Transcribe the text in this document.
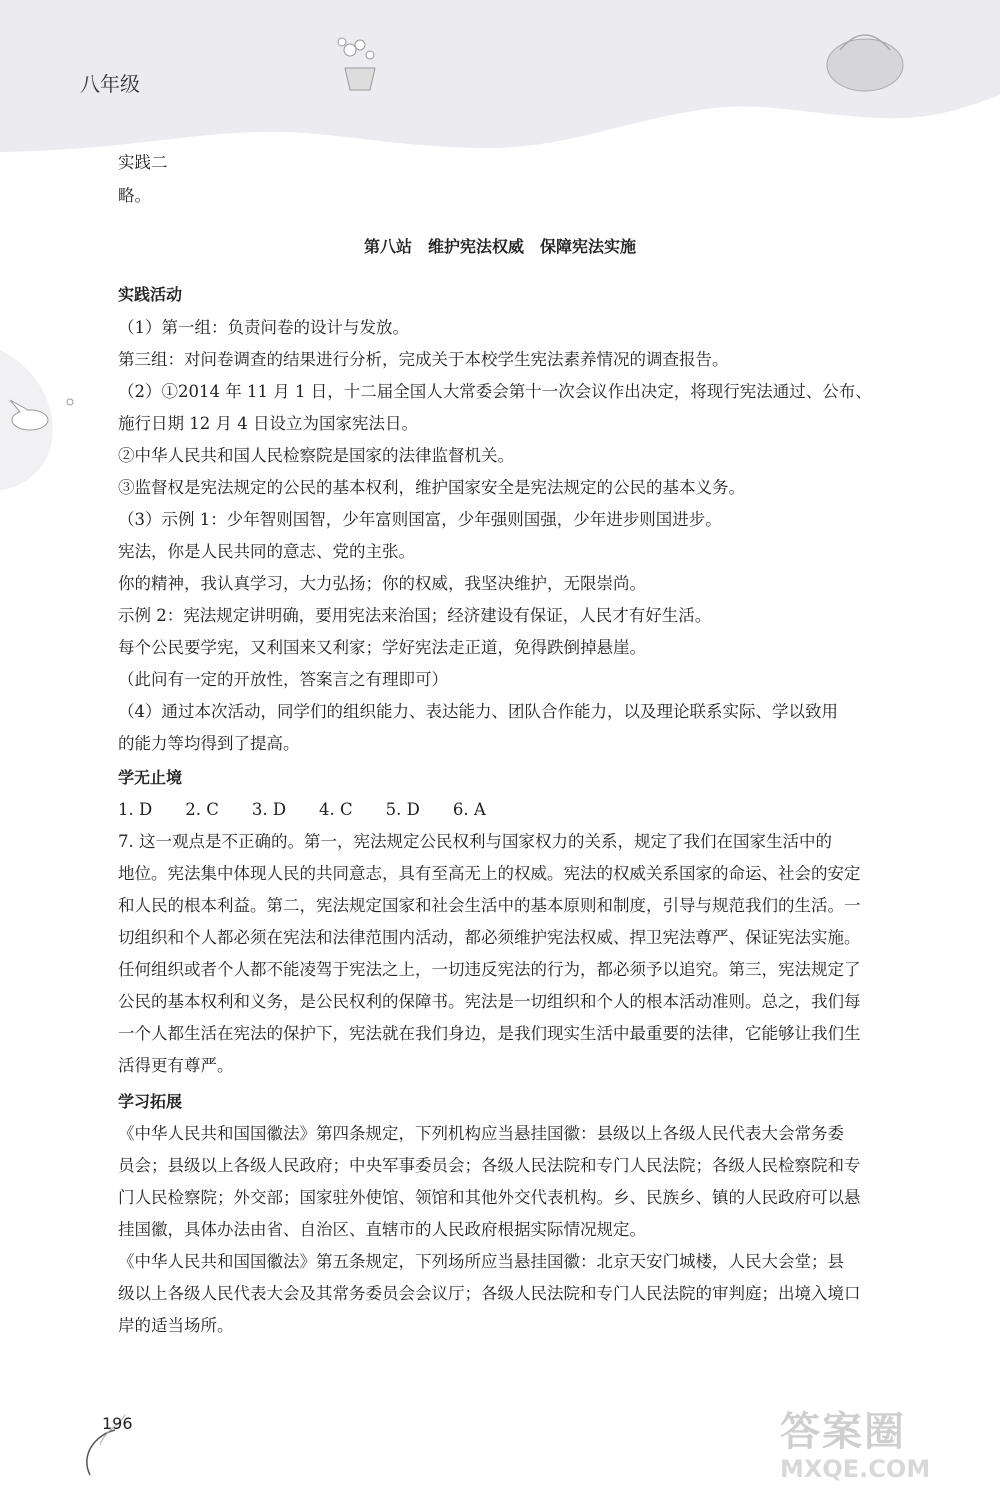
八年级
实践二
略。
第八站　维护宪法权威　保障宪法实施
实践活动
（1）第一组：负责问卷的设计与发放。
第三组：对问卷调查的结果进行分析，完成关于本校学生宪法素养情况的调查报告。
（2）①2014 年 11 月 1 日，十二届全国人大常委会第十一次会议作出决定，将现行宪法通过、公布、
施行日期 12 月 4 日设立为国家宪法日。
②中华人民共和国人民检察院是国家的法律监督机关。
③监督权是宪法规定的公民的基本权利，维护国家安全是宪法规定的公民的基本义务。
（3）示例 1：少年智则国智，少年富则国富，少年强则国强，少年进步则国进步。
宪法，你是人民共同的意志、党的主张。
你的精神，我认真学习，大力弘扬；你的权威，我坚决维护，无限崇尚。
示例 2：宪法规定讲明确，要用宪法来治国；经济建设有保证，人民才有好生活。
每个公民要学宪，又利国来又利家；学好宪法走正道，免得跌倒掉悬崖。
（此问有一定的开放性，答案言之有理即可）
（4）通过本次活动，同学们的组织能力、表达能力、团队合作能力，以及理论联系实际、学以致用
的能力等均得到了提高。
学无止境
1. D　　2. C　　3. D　　4. C　　5. D　　6. A
7. 这一观点是不正确的。第一，宪法规定公民权利与国家权力的关系，规定了我们在国家生活中的
地位。宪法集中体现人民的共同意志，具有至高无上的权威。宪法的权威关系国家的命运、社会的安定
和人民的根本利益。第二，宪法规定国家和社会生活中的基本原则和制度，引导与规范我们的生活。一
切组织和个人都必须在宪法和法律范围内活动，都必须维护宪法权威、捍卫宪法尊严、保证宪法实施。
任何组织或者个人都不能凌驾于宪法之上，一切违反宪法的行为，都必须予以追究。第三，宪法规定了
公民的基本权利和义务，是公民权利的保障书。宪法是一切组织和个人的根本活动准则。总之，我们每
一个人都生活在宪法的保护下，宪法就在我们身边，是我们现实生活中最重要的法律，它能够让我们生
活得更有尊严。
学习拓展
《中华人民共和国国徽法》第四条规定，下列机构应当悬挂国徽：县级以上各级人民代表大会常务委
员会；县级以上各级人民政府；中央军事委员会；各级人民法院和专门人民法院；各级人民检察院和专
门人民检察院；外交部；国家驻外使馆、领馆和其他外交代表机构。乡、民族乡、镇的人民政府可以悬
挂国徽，具体办法由省、自治区、直辖市的人民政府根据实际情况规定。
《中华人民共和国国徽法》第五条规定，下列场所应当悬挂国徽：北京天安门城楼，人民大会堂；县
级以上各级人民代表大会及其常务委员会会议厅；各级人民法院和专门人民法院的审判庭；出境入境口
岸的适当场所。
196	答案圈
MXQE.COM
